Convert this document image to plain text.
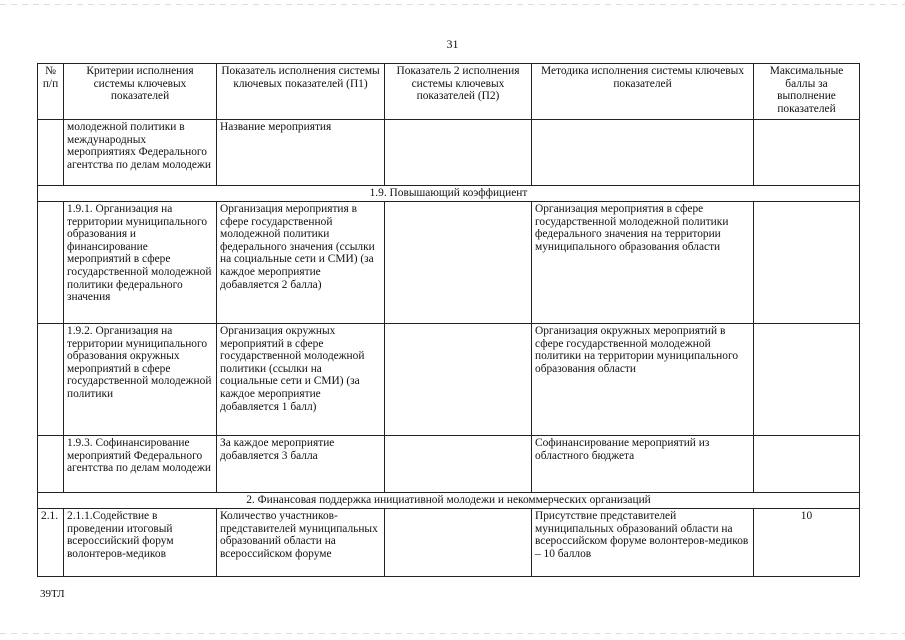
31
№ п/п	Критерии исполнения системы ключевых показателей	Показатель исполнения системы ключевых показателей (П1)	Показатель 2 исполнения системы ключевых показателей (П2)	Методика исполнения системы ключевых показателей	Максимальные баллы за выполнение показателей
	молодежной политики в международных мероприятиях Федерального агентства по делам молодежи	Название мероприятия			
1.9. Повышающий коэффициент					
	1.9.1. Организация на территории муниципального образования и финансирование мероприятий в сфере государственной молодежной политики федерального значения	Организация мероприятия в сфере государственной молодежной политики федерального значения (ссылки на социальные сети и СМИ) (за каждое мероприятие добавляется 2 балла)		Организация мероприятия в сфере государственной молодежной политики федерального значения на территории муниципального образования области	
	1.9.2. Организация на территории муниципального образования окружных мероприятий в сфере государственной молодежной политики	Организация окружных мероприятий в сфере государственной молодежной политики (ссылки на социальные сети и СМИ) (за каждое мероприятие добавляется 1 балл)		Организация окружных мероприятий в сфере государственной молодежной политики на территории муниципального образования области	
	1.9.3. Софинансирование мероприятий Федерального агентства по делам молодежи	За каждое мероприятие добавляется 3 балла		Софинансирование мероприятий из областного бюджета	
2. Финансовая поддержка инициативной молодежи и некоммерческих организаций					
2.1.	2.1.1.Содействие в проведении итоговый всероссийский форум волонтеров-медиков	Количество участников-представителей муниципальных образований области на всероссийском форуме		Присутствие представителей муниципальных образований области на всероссийском форуме волонтеров-медиков – 10 баллов	10
39ТЛ
